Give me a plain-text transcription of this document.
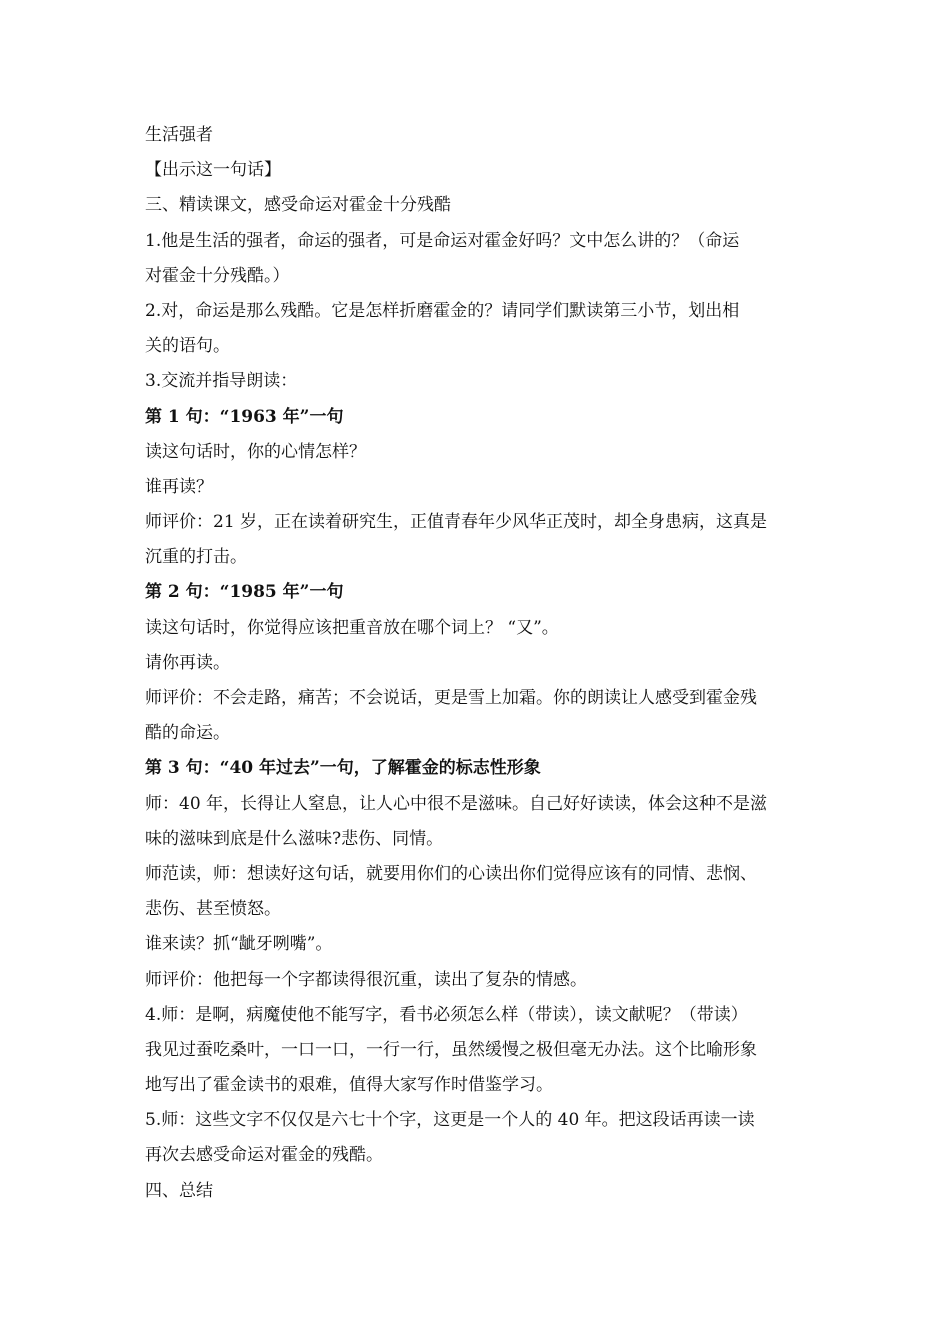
生活强者
【出示这一句话】
三、精读课文，感受命运对霍金十分残酷
1.他是生活的强者，命运的强者，可是命运对霍金好吗？文中怎么讲的？（命运
对霍金十分残酷。）
2.对，命运是那么残酷。它是怎样折磨霍金的？请同学们默读第三小节，划出相
关的语句。
3.交流并指导朗读：
第 1 句：“1963 年”一句
读这句话时，你的心情怎样？
谁再读？
师评价：21 岁，正在读着研究生，正值青春年少风华正茂时，却全身患病，这真是
沉重的打击。
第 2 句：“1985 年”一句
读这句话时，你觉得应该把重音放在哪个词上？ “又”。
请你再读。
师评价：不会走路，痛苦；不会说话，更是雪上加霜。你的朗读让人感受到霍金残
酷的命运。
第 3 句：“40 年过去”一句，了解霍金的标志性形象
师：40 年，长得让人窒息，让人心中很不是滋味。自己好好读读，体会这种不是滋
味的滋味到底是什么滋味?悲伤、同情。
师范读，师：想读好这句话，就要用你们的心读出你们觉得应该有的同情、悲悯、
悲伤、甚至愤怒。
谁来读？抓“龇牙咧嘴”。
师评价：他把每一个字都读得很沉重，读出了复杂的情感。
4.师：是啊，病魔使他不能写字，看书必须怎么样（带读），读文献呢？（带读）
我见过蚕吃桑叶，一口一口，一行一行，虽然缓慢之极但毫无办法。这个比喻形象
地写出了霍金读书的艰难，值得大家写作时借鉴学习。
5.师：这些文字不仅仅是六七十个字，这更是一个人的 40 年。把这段话再读一读
再次去感受命运对霍金的残酷。
四、总结
